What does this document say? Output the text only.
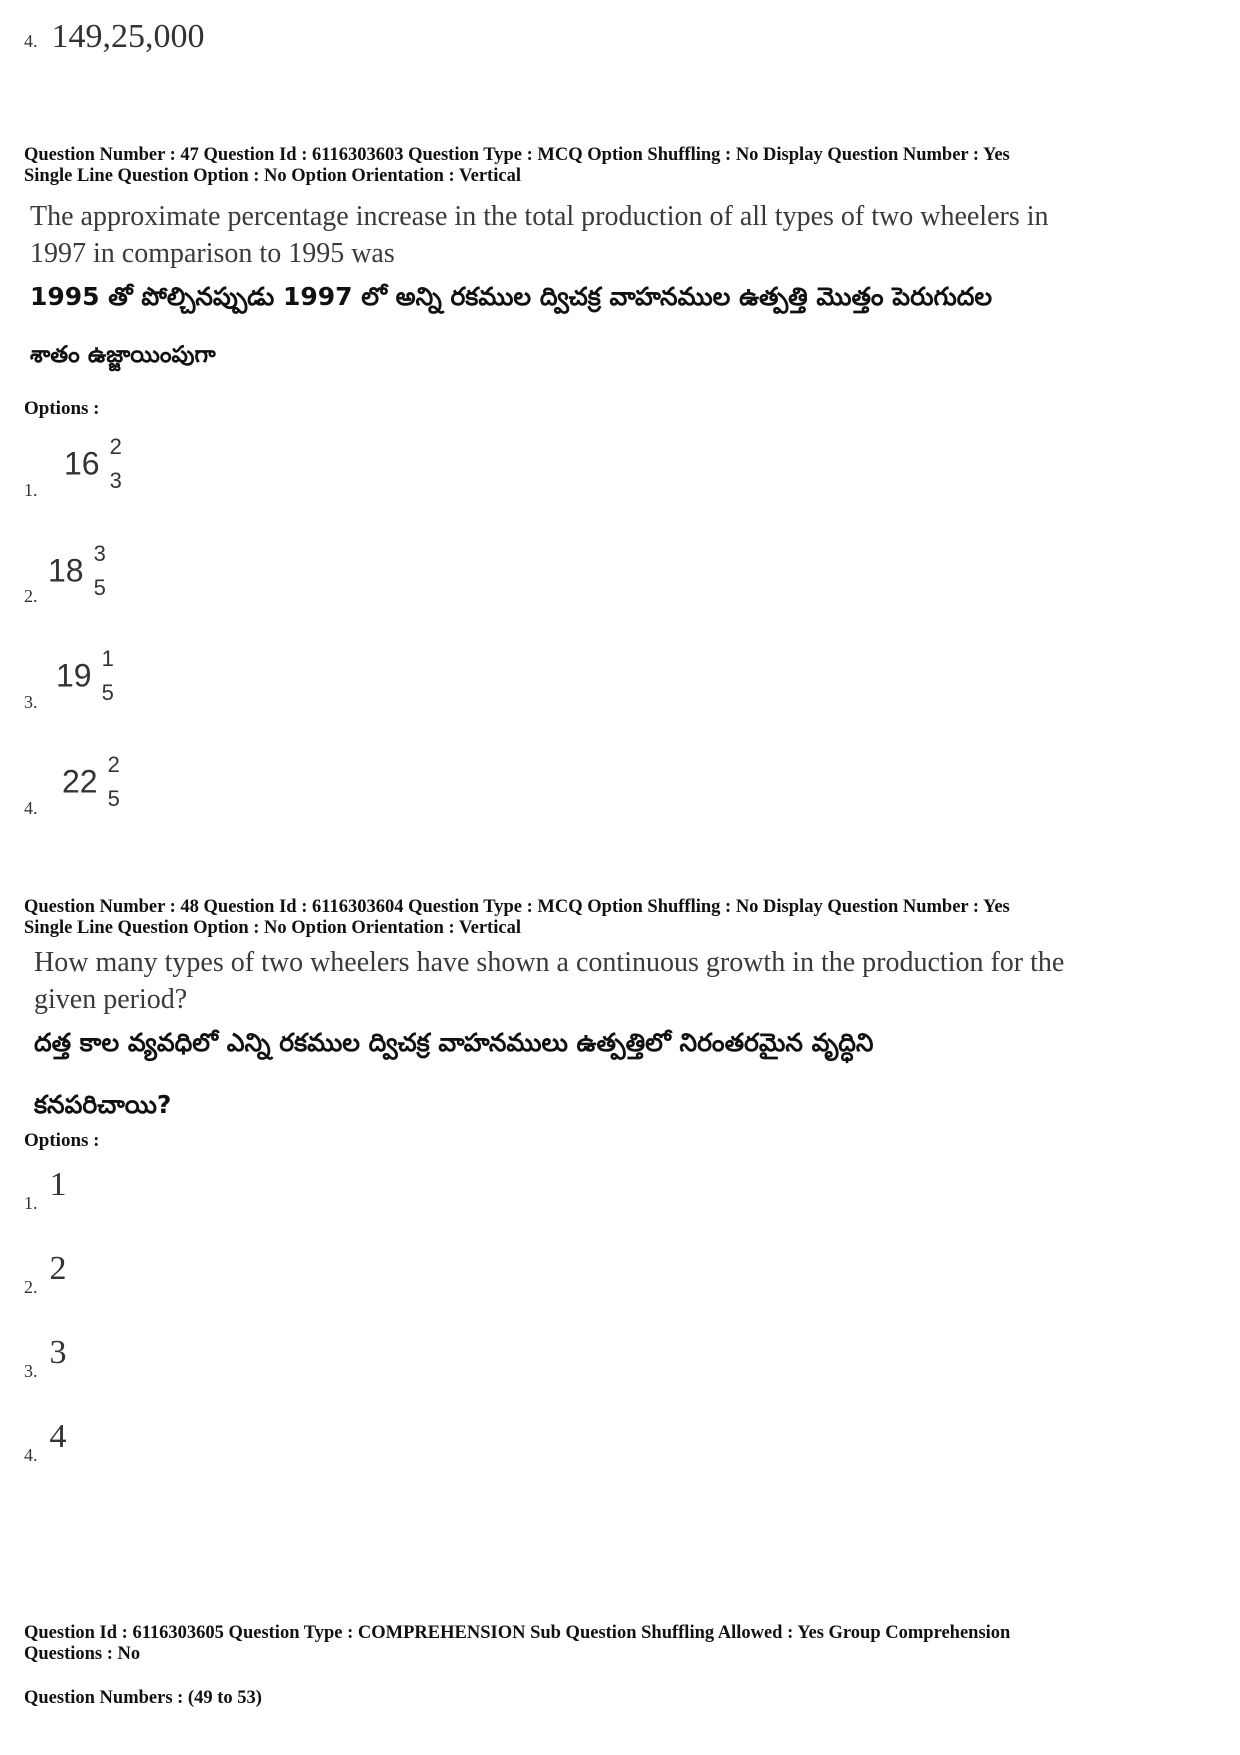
4. 149,25,000
Question Number : 47 Question Id : 6116303603 Question Type : MCQ Option Shuffling : No Display Question Number : Yes
Single Line Question Option : No Option Orientation : Vertical
The approximate percentage increase in the total production of all types of two wheelers in
1997 in comparison to 1995 was
1995 తో పోల్చినప్పుడు 1997 లో అన్ని రకముల ద్విచక్ర వాహనముల ఉత్పత్తి మొత్తం పెరుగుదల
శాతం ఉజ్జాయింపుగా
Options :
1.
16 2
3
2.
18 3
5
3.
19 1
5
4.
22 2
5
Question Number : 48 Question Id : 6116303604 Question Type : MCQ Option Shuffling : No Display Question Number : Yes
Single Line Question Option : No Option Orientation : Vertical
How many types of two wheelers have shown a continuous growth in the production for the
given period?
దత్త కాల వ్యవధిలో ఎన్ని రకముల ద్విచక్ర వాహనములు ఉత్పత్తిలో నిరంతరమైన వృద్ధిని
కనపరిచాయి?
Options :
1. 1
2. 2
3. 3
4. 4
Question Id : 6116303605 Question Type : COMPREHENSION Sub Question Shuffling Allowed : Yes Group Comprehension
Questions : No
Question Numbers : (49 to 53)
